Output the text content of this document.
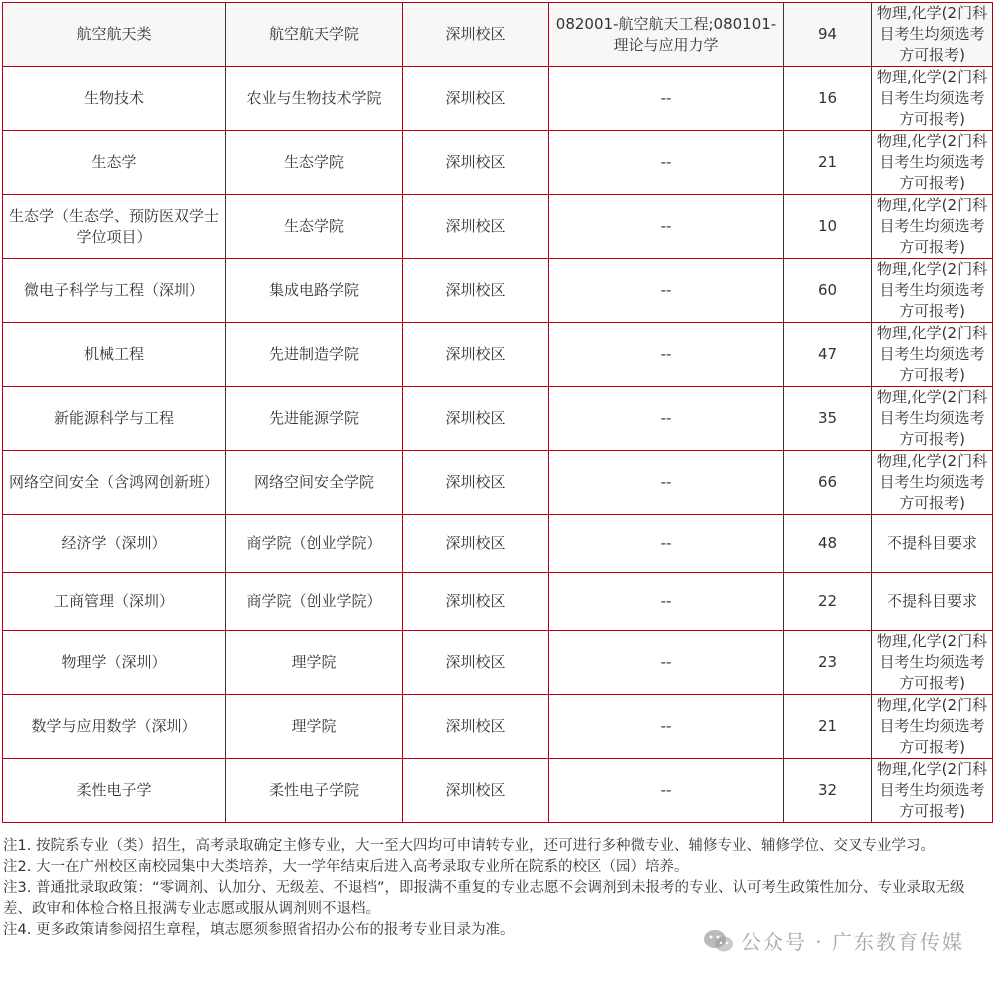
航空航天类	航空航天学院	深圳校区	082001-航空航天工程;080101-理论与应用力学	94	物理,化学(2门科目考生均须选考方可报考)
生物技术	农业与生物技术学院	深圳校区	--	16	物理,化学(2门科目考生均须选考方可报考)
生态学	生态学院	深圳校区	--	21	物理,化学(2门科目考生均须选考方可报考)
生态学（生态学、预防医双学士学位项目）	生态学院	深圳校区	--	10	物理,化学(2门科目考生均须选考方可报考)
微电子科学与工程（深圳）	集成电路学院	深圳校区	--	60	物理,化学(2门科目考生均须选考方可报考)
机械工程	先进制造学院	深圳校区	--	47	物理,化学(2门科目考生均须选考方可报考)
新能源科学与工程	先进能源学院	深圳校区	--	35	物理,化学(2门科目考生均须选考方可报考)
网络空间安全（含鸿网创新班）	网络空间安全学院	深圳校区	--	66	物理,化学(2门科目考生均须选考方可报考)
经济学（深圳）	商学院（创业学院）	深圳校区	--	48	不提科目要求
工商管理（深圳）	商学院（创业学院）	深圳校区	--	22	不提科目要求
物理学（深圳）	理学院	深圳校区	--	23	物理,化学(2门科目考生均须选考方可报考)
数学与应用数学（深圳）	理学院	深圳校区	--	21	物理,化学(2门科目考生均须选考方可报考)
柔性电子学	柔性电子学院	深圳校区	--	32	物理,化学(2门科目考生均须选考方可报考)

注1. 按院系专业（类）招生，高考录取确定主修专业，大一至大四均可申请转专业，还可进行多种微专业、辅修专业、辅修学位、交叉专业学习。

注2. 大一在广州校区南校园集中大类培养，大一学年结束后进入高考录取专业所在院系的校区（园）培养。

注3. 普通批录取政策：“零调剂、认加分、无级差、不退档”，即报满不重复的专业志愿不会调剂到未报考的专业、认可考生政策性加分、专业录取无级差、政审和体检合格且报满专业志愿或服从调剂则不退档。

注4. 更多政策请参阅招生章程，填志愿须参照省招办公布的报考专业目录为准。	公众号 · 广东教育传媒
